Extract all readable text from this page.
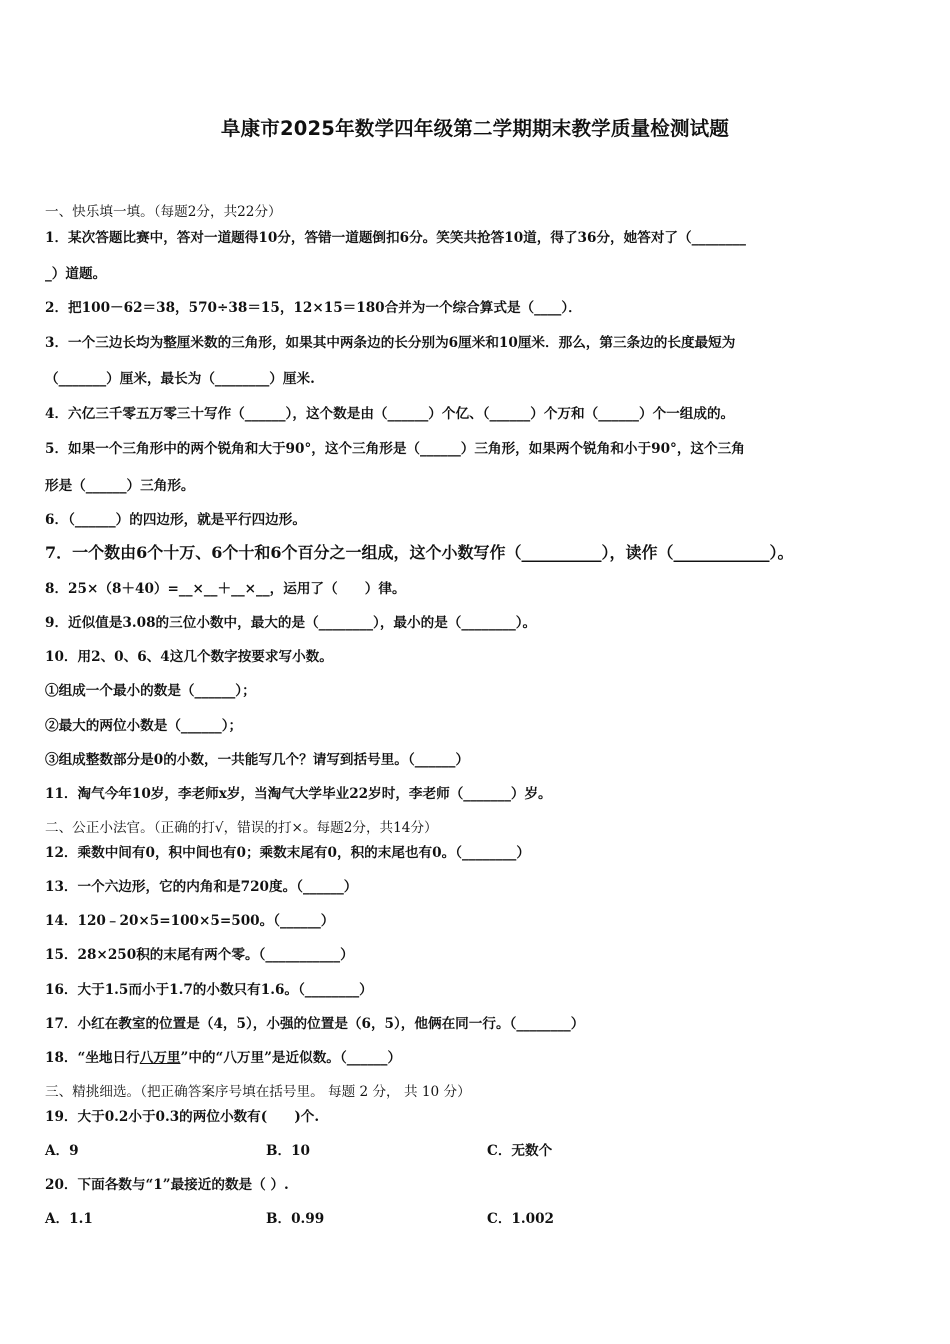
阜康市2025年数学四年级第二学期期末教学质量检测试题
一、快乐填一填。（每题2分，共22分）
1．某次答题比赛中，答对一道题得10分，答错一道题倒扣6分。笑笑共抢答10道，得了36分，她答对了（________
_）道题。
2．把100－62＝38，570÷38＝15，12×15＝180合并为一个综合算式是（____）．
3．一个三边长均为整厘米数的三角形，如果其中两条边的长分别为6厘米和10厘米．那么，第三条边的长度最短为
（_______）厘米，最长为（________）厘米.
4．六亿三千零五万零三十写作（______），这个数是由（______）个亿、（______）个万和（______）个一组成的。
5．如果一个三角形中的两个锐角和大于90°，这个三角形是（______）三角形，如果两个锐角和小于90°，这个三角
形是（______）三角形。
6．（______）的四边形，就是平行四边形。
7．一个数由6个十万、6个十和6个百分之一组成，这个小数写作（__________），读作（____________）。
8．25×（8＋40）=__×__＋__×__，运用了（　　）律。
9．近似值是3.08的三位小数中，最大的是（________），最小的是（________）。
10．用2、0、6、4这几个数字按要求写小数。
①组成一个最小的数是（______）；
②最大的两位小数是（______）；
③组成整数部分是0的小数，一共能写几个？请写到括号里。（______）
11．淘气今年10岁，李老师x岁，当淘气大学毕业22岁时，李老师（_______）岁。
二、公正小法官。（正确的打√，错误的打×。每题2分，共14分）
12．乘数中间有0，积中间也有0；乘数末尾有0，积的末尾也有0。（________）
13．一个六边形，它的内角和是720度。（______）
14．120﹣20×5=100×5=500。（______）
15．28×250积的末尾有两个零。（___________）
16．大于1.5而小于1.7的小数只有1.6。（________）
17．小红在教室的位置是（4，5），小强的位置是（6，5），他俩在同一行。（________）
18．“坐地日行八万里”中的“八万里”是近似数。（______）
三、精挑细选。（把正确答案序号填在括号里。 每题 2 分， 共 10 分）
19．大于0.2小于0.3的两位小数有(　　)个.
A．9	B．10	C．无数个
20．下面各数与“1”最接近的数是（ ）.
A．1.1	B．0.99	C．1.002
